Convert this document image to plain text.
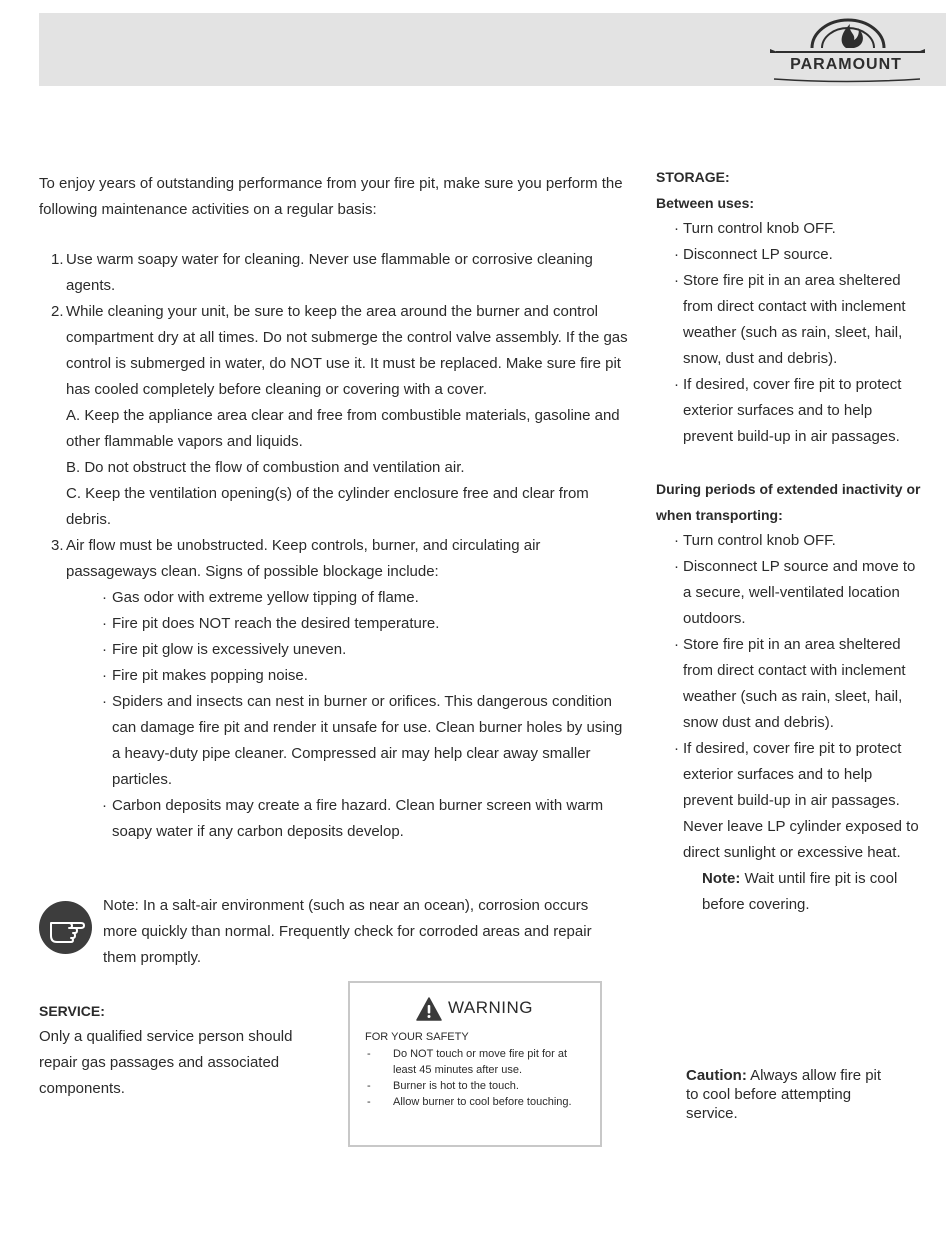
PARAMOUNT
To enjoy years of outstanding performance from your fire pit, make sure you perform the following maintenance activities on a regular basis:
1. Use warm soapy water for cleaning. Never use flammable or corrosive cleaning agents.
2. While cleaning your unit, be sure to keep the area around the burner and control compartment dry at all times. Do not submerge the control valve assembly. If the gas control is submerged in water, do NOT use it. It must be replaced. Make sure fire pit has cooled completely before cleaning or covering with a cover.
A. Keep the appliance area clear and free from combustible materials, gasoline and other flammable vapors and liquids.
B. Do not obstruct the flow of combustion and ventilation air.
C. Keep the ventilation opening(s) of the cylinder enclosure free and clear from debris.
3. Air flow must be unobstructed. Keep controls, burner, and circulating air passageways clean. Signs of possible blockage include:
· Gas odor with extreme yellow tipping of flame.
· Fire pit does NOT reach the desired temperature.
· Fire pit glow is excessively uneven.
· Fire pit makes popping noise.
· Spiders and insects can nest in burner or orifices. This dangerous condition can damage fire pit and render it unsafe for use. Clean burner holes by using a heavy-duty pipe cleaner. Compressed air may help clear away smaller particles.
· Carbon deposits may create a fire hazard. Clean burner screen with warm soapy water if any carbon deposits develop.
Note: In a salt-air environment (such as near an ocean), corrosion occurs more quickly than normal. Frequently check for corroded areas and repair them promptly.
SERVICE:
Only a qualified service person should repair gas passages and associated components.
WARNING
FOR YOUR SAFETY
- Do NOT touch or move fire pit for at least 45 minutes after use.
- Burner is hot to the touch.
- Allow burner to cool before touching.
STORAGE:
Between uses:
· Turn control knob OFF.
· Disconnect LP source.
· Store fire pit in an area sheltered from direct contact with inclement weather (such as rain, sleet, hail, snow, dust and debris).
· If desired, cover fire pit to protect exterior surfaces and to help prevent build-up in air passages.
During periods of extended inactivity or when transporting:
· Turn control knob OFF.
· Disconnect LP source and move to a secure, well-ventilated location outdoors.
· Store fire pit in an area sheltered from direct contact with inclement weather (such as rain, sleet, hail, snow dust and debris).
· If desired, cover fire pit to protect exterior surfaces and to help prevent build-up in air passages. Never leave LP cylinder exposed to direct sunlight or excessive heat.
Note: Wait until fire pit is cool before covering.
Caution: Always allow fire pit to cool before attempting service.
